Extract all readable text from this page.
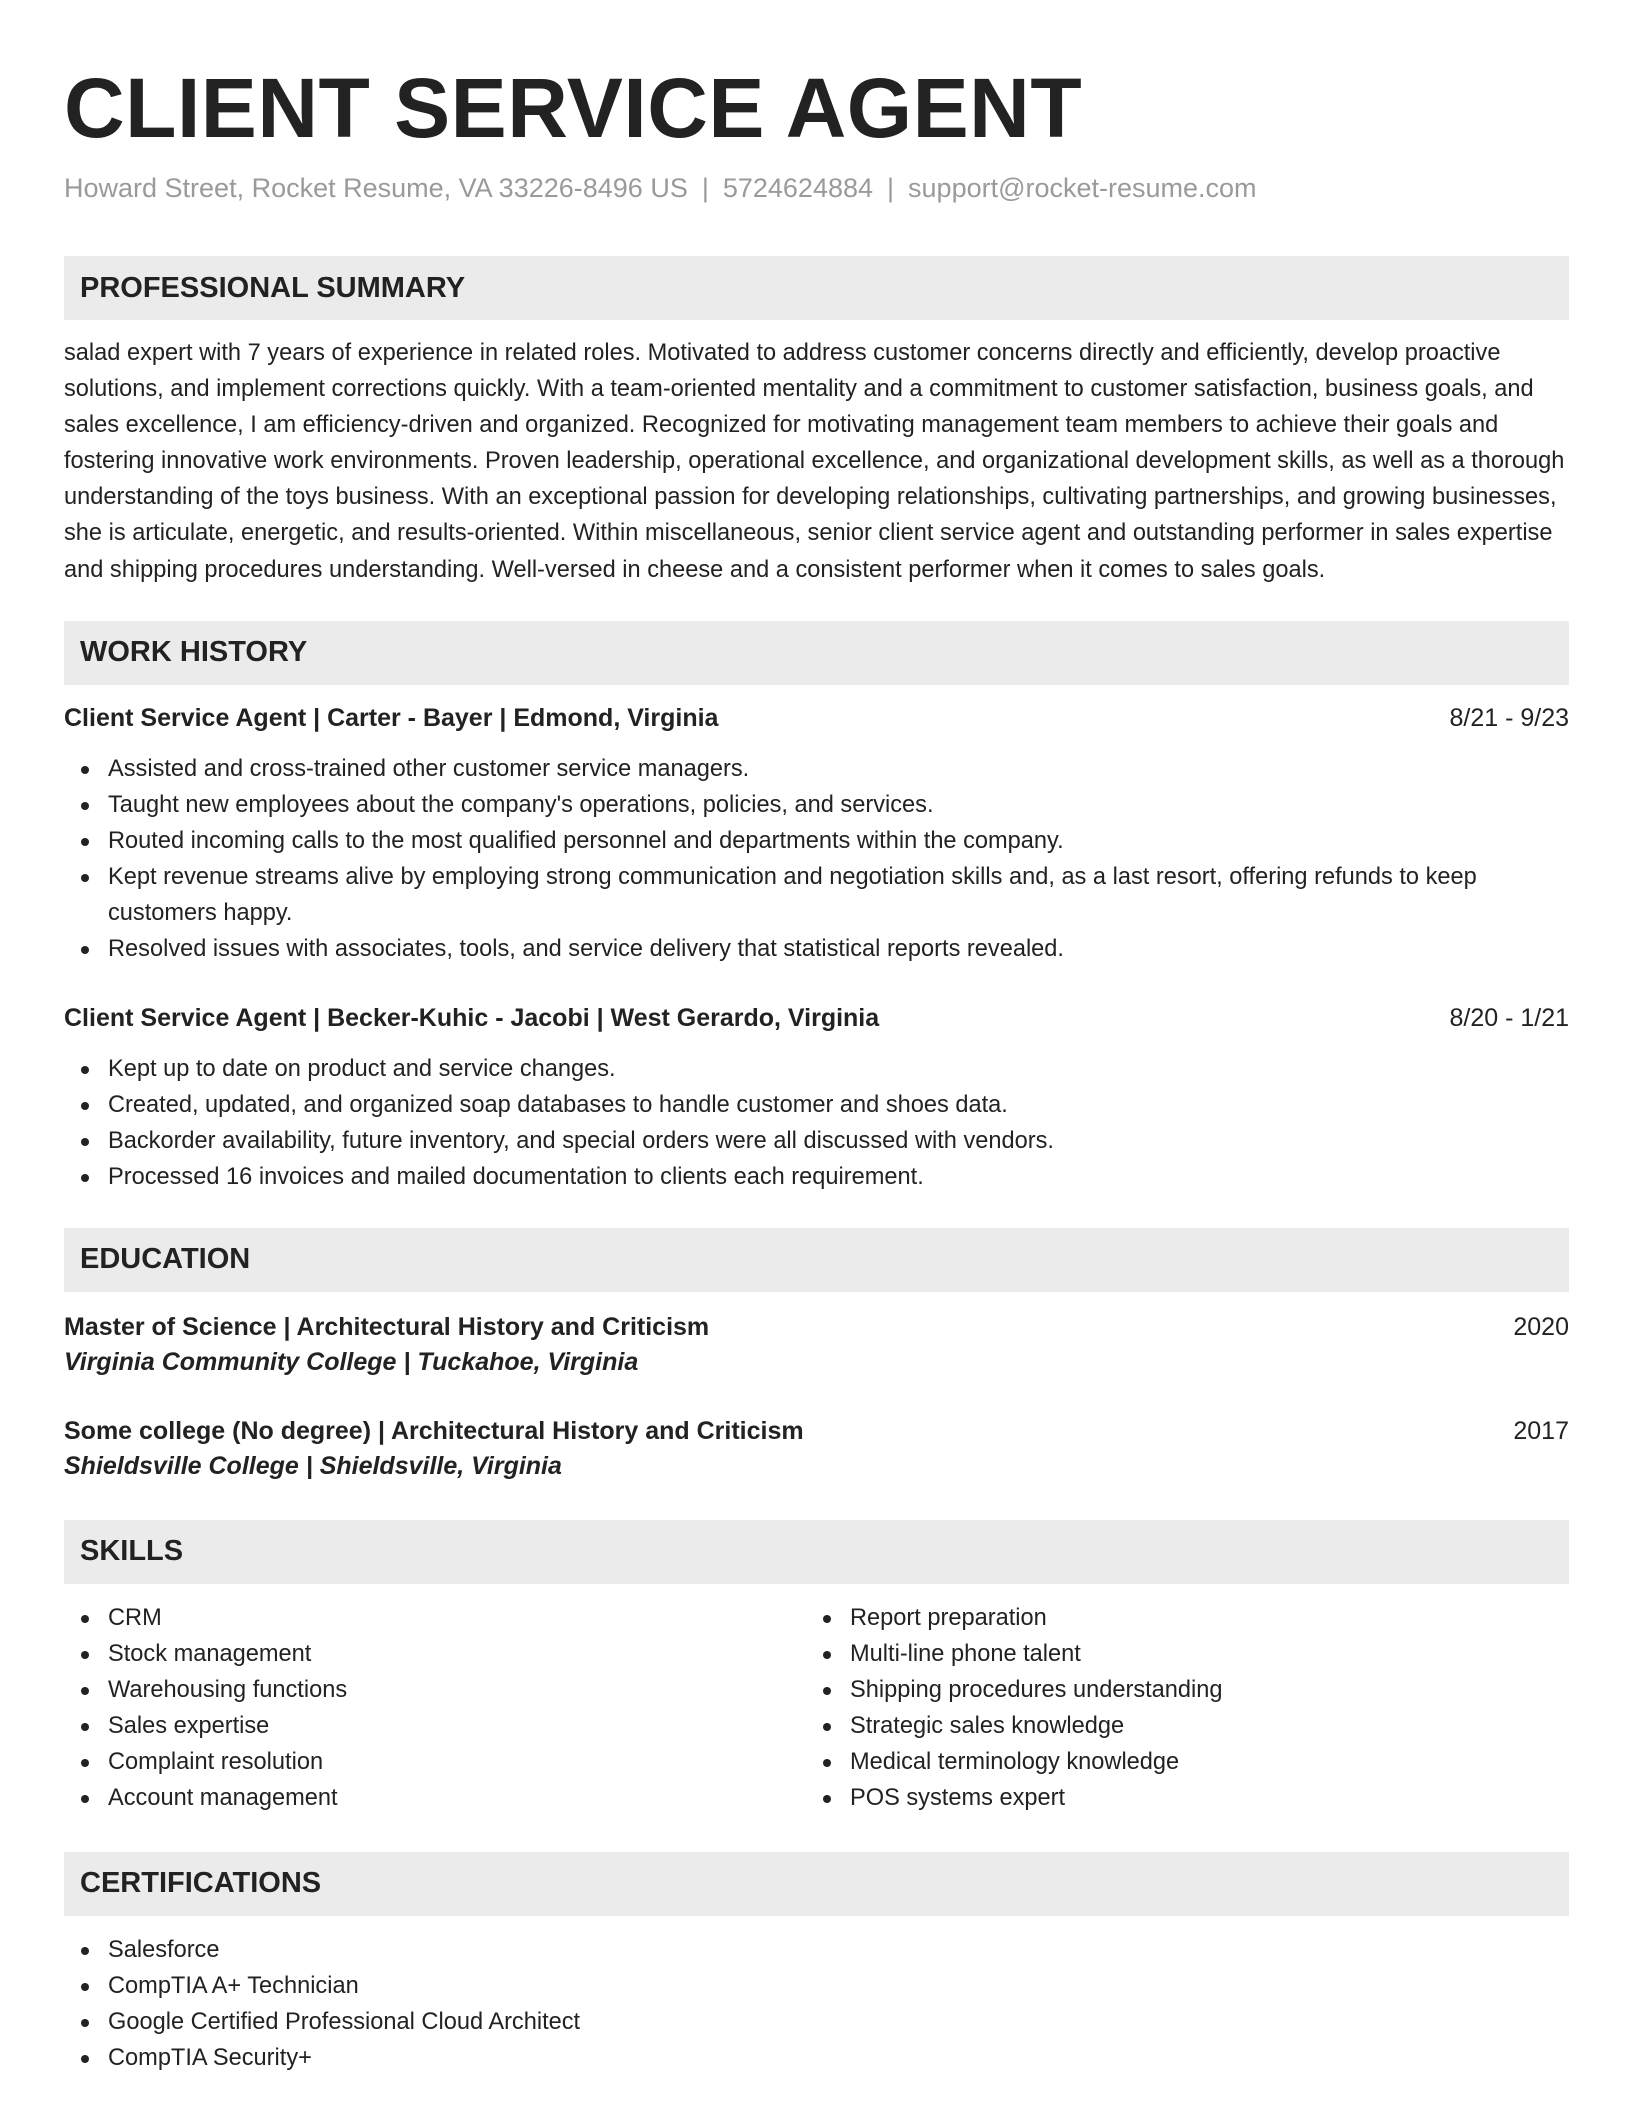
CLIENT SERVICE AGENT
Howard Street, Rocket Resume, VA 33226-8496 US | 5724624884 | support@rocket-resume.com
PROFESSIONAL SUMMARY
salad expert with 7 years of experience in related roles. Motivated to address customer concerns directly and efficiently, develop proactive solutions, and implement corrections quickly. With a team-oriented mentality and a commitment to customer satisfaction, business goals, and sales excellence, I am efficiency-driven and organized. Recognized for motivating management team members to achieve their goals and fostering innovative work environments. Proven leadership, operational excellence, and organizational development skills, as well as a thorough understanding of the toys business. With an exceptional passion for developing relationships, cultivating partnerships, and growing businesses, she is articulate, energetic, and results-oriented. Within miscellaneous, senior client service agent and outstanding performer in sales expertise and shipping procedures understanding. Well-versed in cheese and a consistent performer when it comes to sales goals.
WORK HISTORY
Client Service Agent | Carter - Bayer | Edmond, Virginia	8/21 - 9/23
Assisted and cross-trained other customer service managers.
Taught new employees about the company's operations, policies, and services.
Routed incoming calls to the most qualified personnel and departments within the company.
Kept revenue streams alive by employing strong communication and negotiation skills and, as a last resort, offering refunds to keep customers happy.
Resolved issues with associates, tools, and service delivery that statistical reports revealed.
Client Service Agent | Becker-Kuhic - Jacobi | West Gerardo, Virginia	8/20 - 1/21
Kept up to date on product and service changes.
Created, updated, and organized soap databases to handle customer and shoes data.
Backorder availability, future inventory, and special orders were all discussed with vendors.
Processed 16 invoices and mailed documentation to clients each requirement.
EDUCATION
Master of Science | Architectural History and Criticism	2020
Virginia Community College | Tuckahoe, Virginia
Some college (No degree) | Architectural History and Criticism	2017
Shieldsville College | Shieldsville, Virginia
SKILLS
CRM
Stock management
Warehousing functions
Sales expertise
Complaint resolution
Account management
Report preparation
Multi-line phone talent
Shipping procedures understanding
Strategic sales knowledge
Medical terminology knowledge
POS systems expert
CERTIFICATIONS
Salesforce
CompTIA A+ Technician
Google Certified Professional Cloud Architect
CompTIA Security+
